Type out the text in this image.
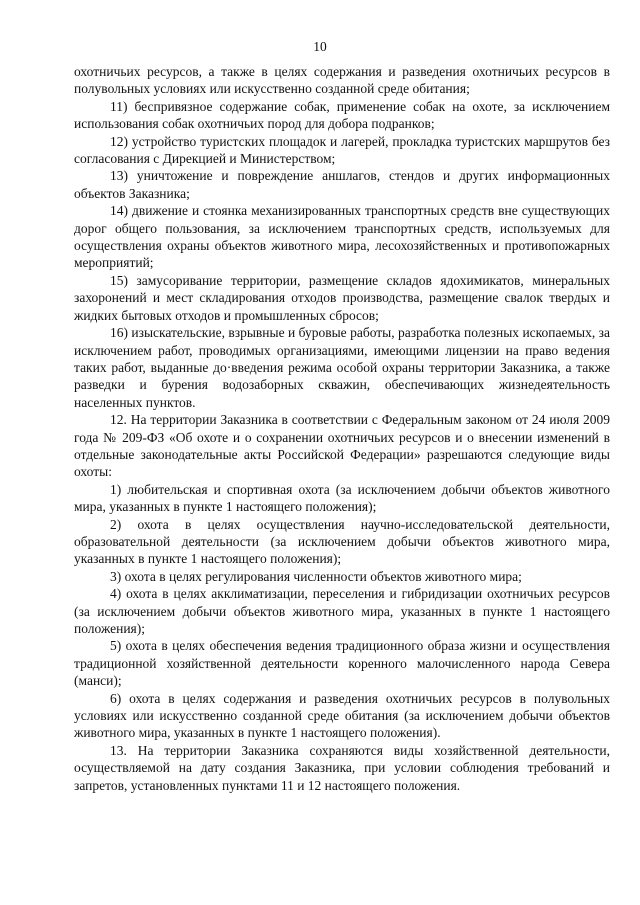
10

охотничьих ресурсов, а также в целях содержания и разведения охотничьих ресурсов в полувольных условиях или искусственно созданной среде обитания;

11) беспривязное содержание собак, применение собак на охоте, за исключением использования собак охотничьих пород для добора подранков;

12) устройство туристских площадок и лагерей, прокладка туристских маршрутов без согласования с Дирекцией и Министерством;

13) уничтожение и повреждение аншлагов, стендов и других информационных объектов Заказника;

14) движение и стоянка механизированных транспортных средств вне существующих дорог общего пользования, за исключением транспортных средств, используемых для осуществления охраны объектов животного мира, лесохозяйственных и противопожарных мероприятий;

15) замусоривание территории, размещение складов ядохимикатов, минеральных захоронений и мест складирования отходов производства, размещение свалок твердых и жидких бытовых отходов и промышленных сбросов;

16) изыскательские, взрывные и буровые работы, разработка полезных ископаемых, за исключением работ, проводимых организациями, имеющими лицензии на право ведения таких работ, выданные до·введения режима особой охраны территории Заказника, а также разведки и бурения водозаборных скважин, обеспечивающих жизнедеятельность населенных пунктов.

12. На территории Заказника в соответствии с Федеральным законом от 24 июля 2009 года № 209-ФЗ «Об охоте и о сохранении охотничьих ресурсов и о внесении изменений в отдельные законодательные акты Российской Федерации» разрешаются следующие виды охоты:

1) любительская и спортивная охота (за исключением добычи объектов животного мира, указанных в пункте 1 настоящего положения);

2) охота в целях осуществления научно-исследовательской деятельности, образовательной деятельности (за исключением добычи объектов животного мира, указанных в пункте 1 настоящего положения);

3) охота в целях регулирования численности объектов животного мира;

4) охота в целях акклиматизации, переселения и гибридизации охотничьих ресурсов (за исключением добычи объектов животного мира, указанных в пункте 1 настоящего положения);

5) охота в целях обеспечения ведения традиционного образа жизни и осуществления традиционной хозяйственной деятельности коренного малочисленного народа Севера (манси);

6) охота в целях содержания и разведения охотничьих ресурсов в полувольных условиях или искусственно созданной среде обитания (за исключением добычи объектов животного мира, указанных в пункте 1 настоящего положения).

13. На территории Заказника сохраняются виды хозяйственной деятельности, осуществляемой на дату создания Заказника, при условии соблюдения требований и запретов, установленных пунктами 11 и 12 настоящего положения.
